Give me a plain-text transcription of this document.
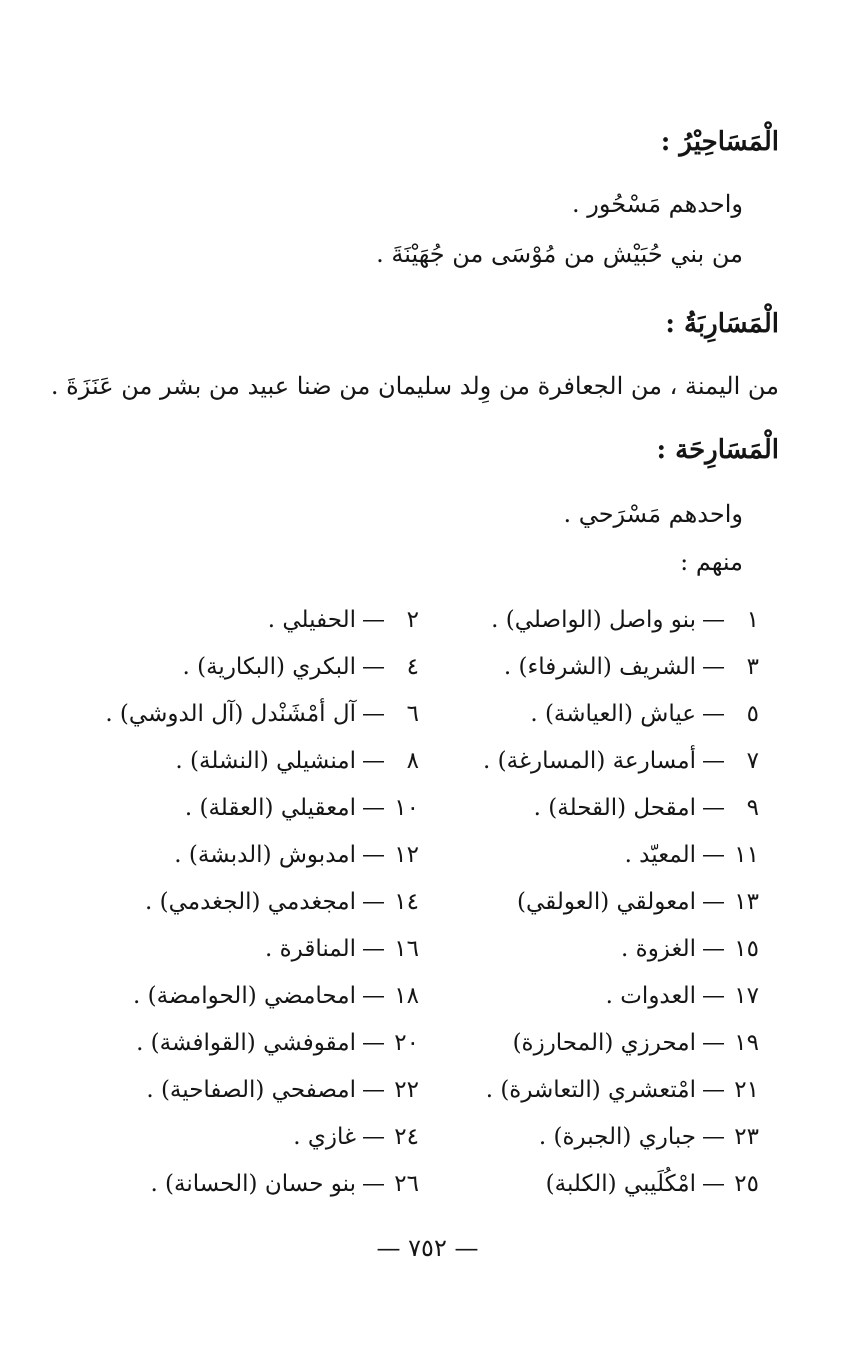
الْمَسَاحِيْرُ :
واحدهم مَسْحُور .
من بني حُبَيْش من مُوْسَى من جُهَيْنَةَ .
الْمَسَارِبَةُ :
من اليمنة ، من الجعافرة من وِلد سليمان من ضنا عبيد من بشر من عَنَزَةَ .
الْمَسَارِحَة :
واحدهم مَسْرَحي .
منهم :
١—بنو واصل (الواصلي) .
٢—الحفيلي .
٣—الشريف (الشرفاء) .
٤—البكري (البكارية) .
٥—عياش (العياشة) .
٦—آل أمْشَنْدل (آل الدوشي) .
٧—أمسارعة (المسارغة) .
٨—امنشيلي (النشلة) .
٩—امقحل (القحلة) .
١٠—امعقيلي (العقلة) .
١١—المعيّد .
١٢—امدبوش (الدبشة) .
١٣—امعولقي (العولقي)
١٤—امجغدمي (الجغدمي) .
١٥—الغزوة .
١٦—المناقرة .
١٧—العدوات .
١٨—امحامضي (الحوامضة) .
١٩—امحرزي (المحارزة)
٢٠—امقوفشي (القوافشة) .
٢١—امْتعشري (التعاشرة) .
٢٢—امصفحي (الصفاحية) .
٢٣—جباري (الجبرة) .
٢٤—غازي .
٢٥—امْكُلَيبي (الكلبة)
٢٦—بنو حسان (الحسانة) .
— ٧٥٢ —
